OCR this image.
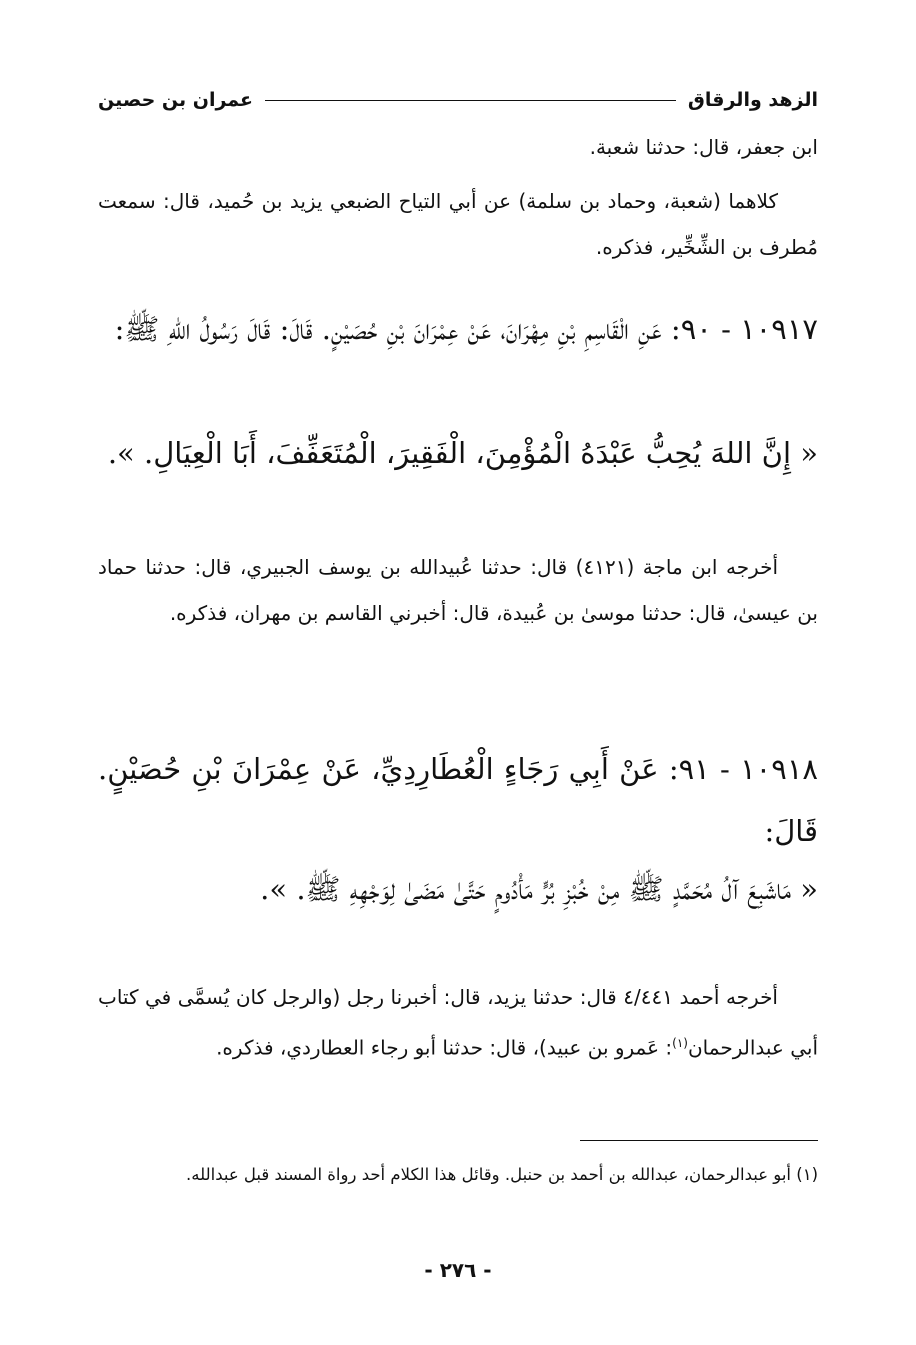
الزهد والرقاق
عمران بن حصين

ابن جعفر، قال: حدثنا شعبة.

كلاهما (شعبة، وحماد بن سلمة) عن أبي التياح الضبعي يزيد بن حُميد، قال: سمعت مُطرف بن الشِّخِّير، فذكره.

١٠٩١٧ - ٩٠: عَنِ الْقَاسِمِ بْنِ مِهْرَانَ، عَنْ عِمْرَانَ بْنِ حُصَيْنٍ. قَالَ: قَالَ رَسُولُ اللهِ ﷺ:

« إِنَّ اللهَ يُحِبُّ عَبْدَهُ الْمُؤْمِنَ، الْفَقِيرَ، الْمُتَعَفِّفَ، أَبَا الْعِيَالِ. ».

أخرجه ابن ماجة (٤١٢١) قال: حدثنا عُبيدالله بن يوسف الجبيري، قال: حدثنا حماد بن عيسىٰ، قال: حدثنا موسىٰ بن عُبيدة، قال: أخبرني القاسم بن مهران، فذكره.

١٠٩١٨ - ٩١: عَنْ أَبِي رَجَاءٍ الْعُطَارِدِيِّ، عَنْ عِمْرَانَ بْنِ حُصَيْنٍ. قَالَ:

« مَاشَبِعَ آلُ مُحَمَّدٍ ﷺ مِنْ خُبْزِ بُرٍّ مَأْدُومٍ حَتَّىٰ مَضَىٰ لِوَجْهِهِ ﷺ. ».

أخرجه أحمد ٤/٤٤١ قال: حدثنا يزيد، قال: أخبرنا رجل (والرجل كان يُسمَّى في كتاب أبي عبدالرحمان$^{(١)}$: عَمرو بن عبيد)، قال: حدثنا أبو رجاء العطاردي، فذكره.

(١) أبو عبدالرحمان، عبدالله بن أحمد بن حنبل. وقائل هذا الكلام أحد رواة المسند قبل عبدالله.

- ٢٧٦ -
